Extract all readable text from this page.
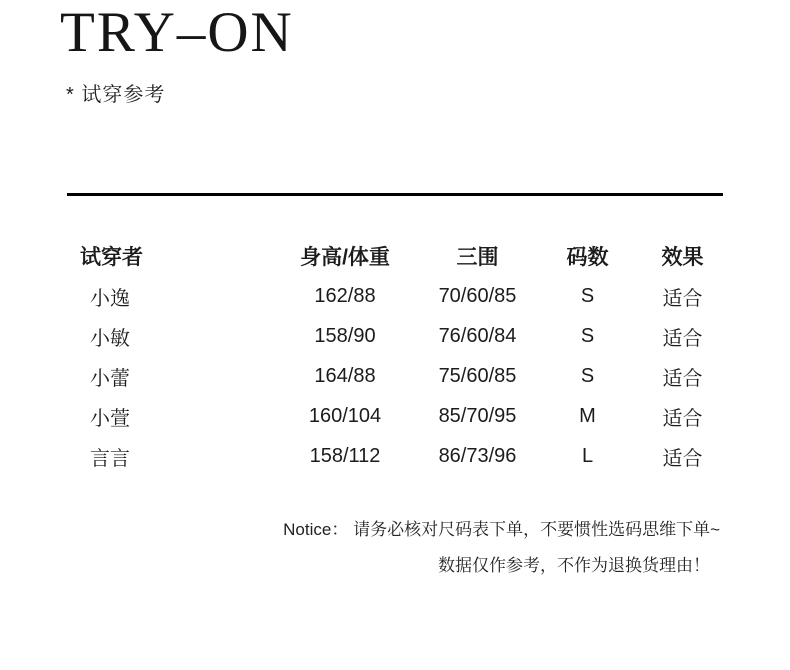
TRY–ON
* 试穿参考
试穿者	身高/体重	三围	码数	效果
小逸	162/88	70/60/85	S	适合
小敏	158/90	76/60/84	S	适合
小蕾	164/88	75/60/85	S	适合
小萱	160/104	85/70/95	M	适合
言言	158/112	86/73/96	L	适合
Notice： 请务必核对尺码表下单，不要惯性选码思维下单~
数据仅作参考，不作为退换货理由！
